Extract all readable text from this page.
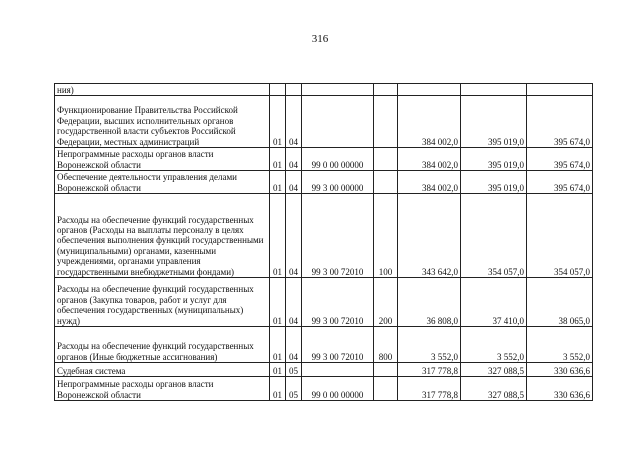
316
ния)							
Функционирование Правительства Российской Федерации, высших исполнительных органов государственной власти субъектов Российской Федерации, местных администраций	01	04			384 002,0	395 019,0	395 674,0
Непрограммные расходы органов власти Воронежской области	01	04	99 0 00 00000		384 002,0	395 019,0	395 674,0
Обеспечение деятельности управления делами Воронежской области	01	04	99 3 00 00000		384 002,0	395 019,0	395 674,0
Расходы на обеспечение функций государственных органов (Расходы на выплаты персоналу в целях обеспечения выполнения функций государственными (муниципальными) органами, казенными учреждениями, органами управления государственными внебюджетными фондами)	01	04	99 3 00 72010	100	343 642,0	354 057,0	354 057,0
Расходы на обеспечение функций государственных органов (Закупка товаров, работ и услуг для обеспечения государственных (муниципальных) нужд)	01	04	99 3 00 72010	200	36 808,0	37 410,0	38 065,0
Расходы на обеспечение функций государственных органов (Иные бюджетные ассигнования)	01	04	99 3 00 72010	800	3 552,0	3 552,0	3 552,0
Судебная система	01	05			317 778,8	327 088,5	330 636,6
Непрограммные расходы органов власти Воронежской области	01	05	99 0 00 00000		317 778,8	327 088,5	330 636,6
